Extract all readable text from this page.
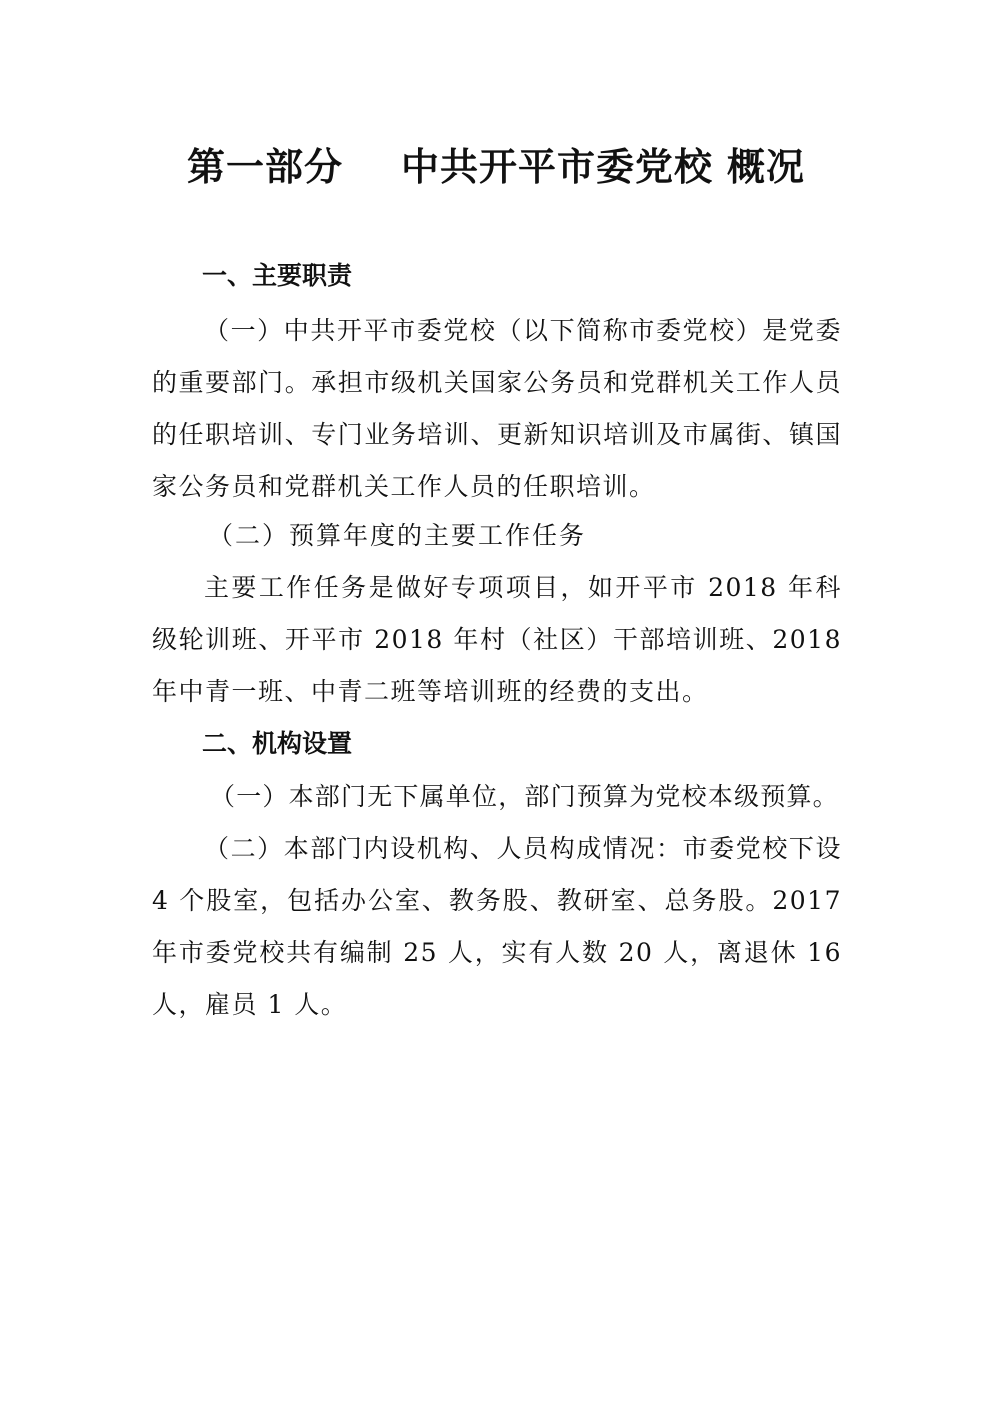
第一部分 中共开平市委党校 概况
一、主要职责
（一）中共开平市委党校（以下简称市委党校）是党委的重要部门。承担市级机关国家公务员和党群机关工作人员的任职培训、专门业务培训、更新知识培训及市属街、镇国家公务员和党群机关工作人员的任职培训。
（二）预算年度的主要工作任务
主要工作任务是做好专项项目，如开平市 2018 年科级轮训班、开平市 2018 年村（社区）干部培训班、2018 年中青一班、中青二班等培训班的经费的支出。
二、机构设置
（一）本部门无下属单位，部门预算为党校本级预算。
（二）本部门内设机构、人员构成情况：市委党校下设 4 个股室，包括办公室、教务股、教研室、总务股。2017 年市委党校共有编制 25 人，实有人数 20 人，离退休 16 人，雇员 1 人。
